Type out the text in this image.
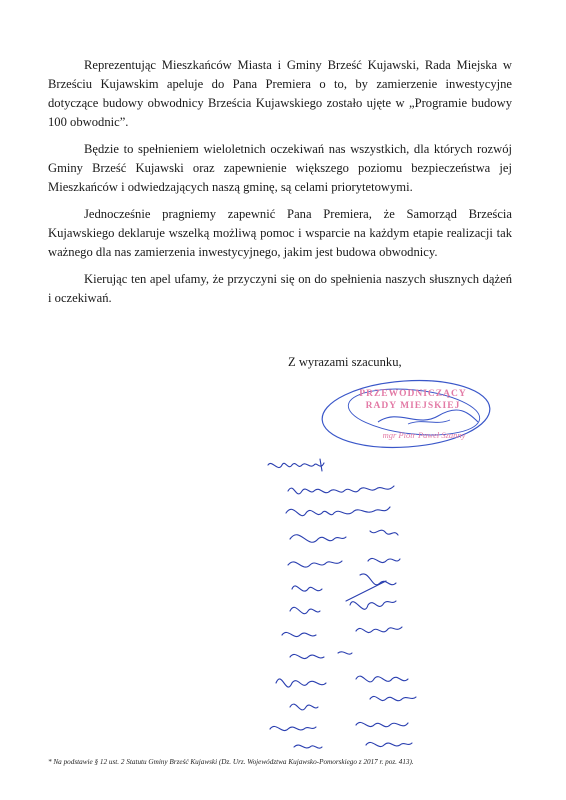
Reprezentując Mieszkańców Miasta i Gminy Brześć Kujawski, Rada Miejska w Brześciu Kujawskim apeluje do Pana Premiera o to, by zamierzenie inwestycyjne dotyczące budowy obwodnicy Brześcia Kujawskiego zostało ujęte w „Programie budowy 100 obwodnic”.

Będzie to spełnieniem wieloletnich oczekiwań nas wszystkich, dla których rozwój Gminy Brześć Kujawski oraz zapewnienie większego poziomu bezpieczeństwa jej Mieszkańców i odwiedzających naszą gminę, są celami priorytetowymi.

Jednocześnie pragniemy zapewnić Pana Premiera, że Samorząd Brześcia Kujawskiego deklaruje wszelką możliwą pomoc i wsparcie na każdym etapie realizacji tak ważnego dla nas zamierzenia inwestycyjnego, jakim jest budowa obwodnicy.

Kierując ten apel ufamy, że przyczyni się on do spełnienia naszych słusznych dążeń i oczekiwań.

Z wyrazami szacunku,
PRZEWODNICZĄCY
RADY MIEJSKIEJ
mgr Piotr Paweł Szanny
* Na podstawie § 12 ust. 2 Statutu Gminy Brześć Kujawski (Dz. Urz. Województwa Kujawsko-Pomorskiego z 2017 r. poz. 413).
